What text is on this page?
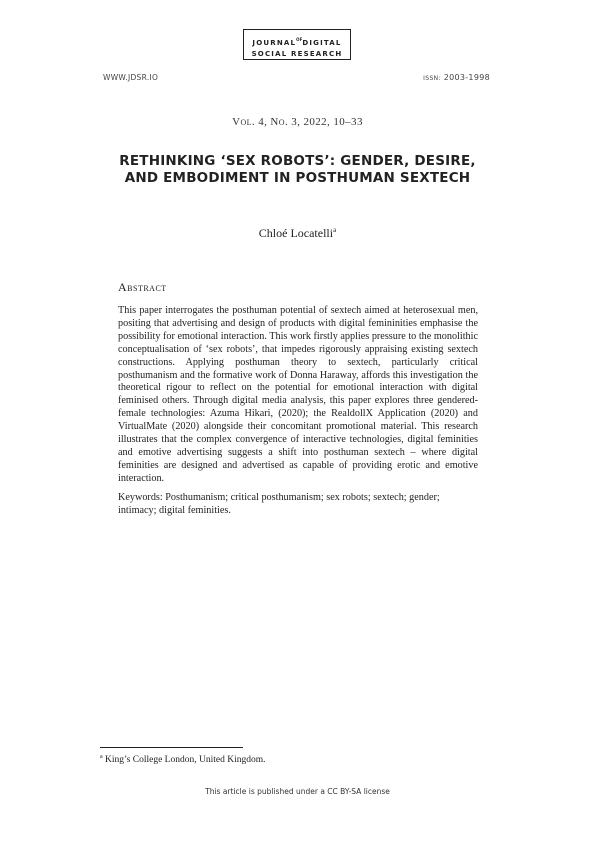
$JOURNAL^{OF}DIGITAL$
SOCIAL RESEARCH
WWW.JDSR.IO	ISSN: 2003-1998
Vol. 4, No. 3, 2022, 10–33
RETHINKING ‘SEX ROBOTS’: GENDER, DESIRE, AND EMBODIMENT IN POSTHUMAN SEXTECH
Chloé Locatelli$^a$
Abstract

This paper interrogates the posthuman potential of sextech aimed at heterosexual men, positing that advertising and design of products with digital femininities emphasise the possibility for emotional interaction. This work firstly applies pressure to the monolithic conceptualisation of ‘sex robots’, that impedes rigorously appraising existing sextech constructions. Applying posthuman theory to sextech, particularly critical posthumanism and the formative work of Donna Haraway, affords this investigation the theoretical rigour to reflect on the potential for emotional interaction with digital feminised others. Through digital media analysis, this paper explores three gendered-female technologies: Azuma Hikari, (2020); the RealdollX Application (2020) and VirtualMate (2020) alongside their concomitant promotional material. This research illustrates that the complex convergence of interactive technologies, digital feminities and emotive advertising suggests a shift into posthuman sextech – where digital feminities are designed and advertised as capable of providing erotic and emotive interaction.

Keywords: Posthumanism; critical posthumanism; sex robots; sextech; gender; intimacy; digital feminities.

$^a$ King’s College London, United Kingdom.
This article is published under a CC BY-SA license
